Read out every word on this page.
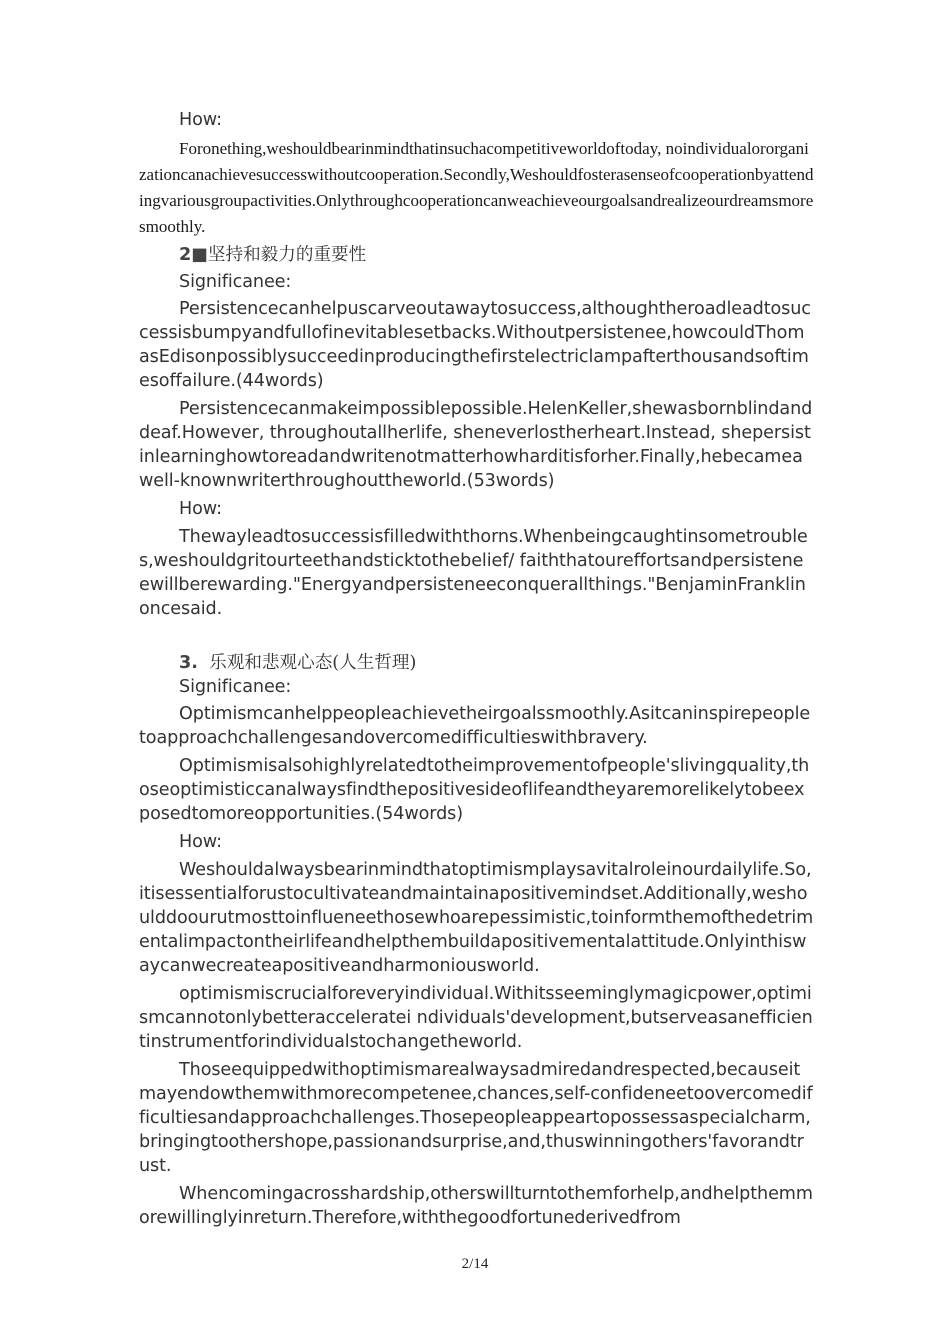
How:

Foronething,weshouldbearinmindthatinsuchacompetitiveworldoftoday, noindividualororganizationcanachievesuccesswithoutcooperation.Secondly,Weshouldfosterasenseofcooperationbyattendingvariousgroupactivities.Onlythroughcooperationcanweachieveourgoalsandrealizeourdreamsmoresmoothly.

2■坚持和毅力的重要性

Significanee:

Persistencecanhelpuscarveoutawaytosuccess,althoughtheroadleadtosuccessisbumpyandfullofinevitablesetbacks.Withoutpersistenee,howcouldThomasEdisonpossiblysucceedinproducingthefirstelectriclampafterthousandsoftimesoffailure.(44words)

Persistencecanmakeimpossiblepossible.HelenKeller,shewasbornblindanddeaf.However, throughoutallherlife, sheneverlostherheart.Instead, shepersistinlearninghowtoreadandwritenotmatterhowharditisforher.Finally,hebecameawell-knownwriterthroughouttheworld.(53words)

How:

Thewayleadtosuccessisfilledwiththorns.Whenbeingcaughtinsometroubles,weshouldgritourteethandsticktothebelief/ faiththatoureffortsandpersisteneewillberewarding."Energyandpersisteneeconquerallthings."BenjaminFranklinoncesaid.

3. 乐观和悲观心态(人生哲理)

Significanee:

Optimismcanhelppeopleachievetheirgoalssmoothly.Asitcaninspirepeopletoapproachchallengesandovercomedifficultieswithbravery.

Optimismisalsohighlyrelatedtotheimprovementofpeople'slivingquality,thoseoptimisticcanalwaysfindthepositivesideoflifeandtheyaremorelikelytobeexposedtomoreopportunities.(54words)

How:

Weshouldalwaysbearinmindthatoptimismplaysavitalroleinourdailylife.So,itisessentialforustocultivateandmaintainapositivemindset.Additionally,weshoulddoourutmosttoinflueneethosewhoarepessimistic,toinformthemofthedetrimentalimpactontheirlifeandhelpthembuildapositivementalattitude.Onlyinthiswaycanwecreateapositiveandharmoniousworld.

optimismiscrucialforeveryindividual.Withitsseeminglymagicpower,optimismcannotonlybetteracceleratei ndividuals'development,butserveasanefficientinstrumentforindividualstochangetheworld.

Thoseequippedwithoptimismarealwaysadmiredandrespected,becauseitmayendowthemwithmorecompetenee,chances,self-confideneetoovercomedifficultiesandapproachchallenges.Thosepeopleappeartopossessaspecialcharm,bringingtoothershope,passionandsurprise,and,thuswinningothers'favorandtrust.

Whencomingacrosshardship,otherswillturntothemforhelp,andhelpthemmorewillinglyinreturn.Therefore,withthegoodfortunederivedfrom

2/14
